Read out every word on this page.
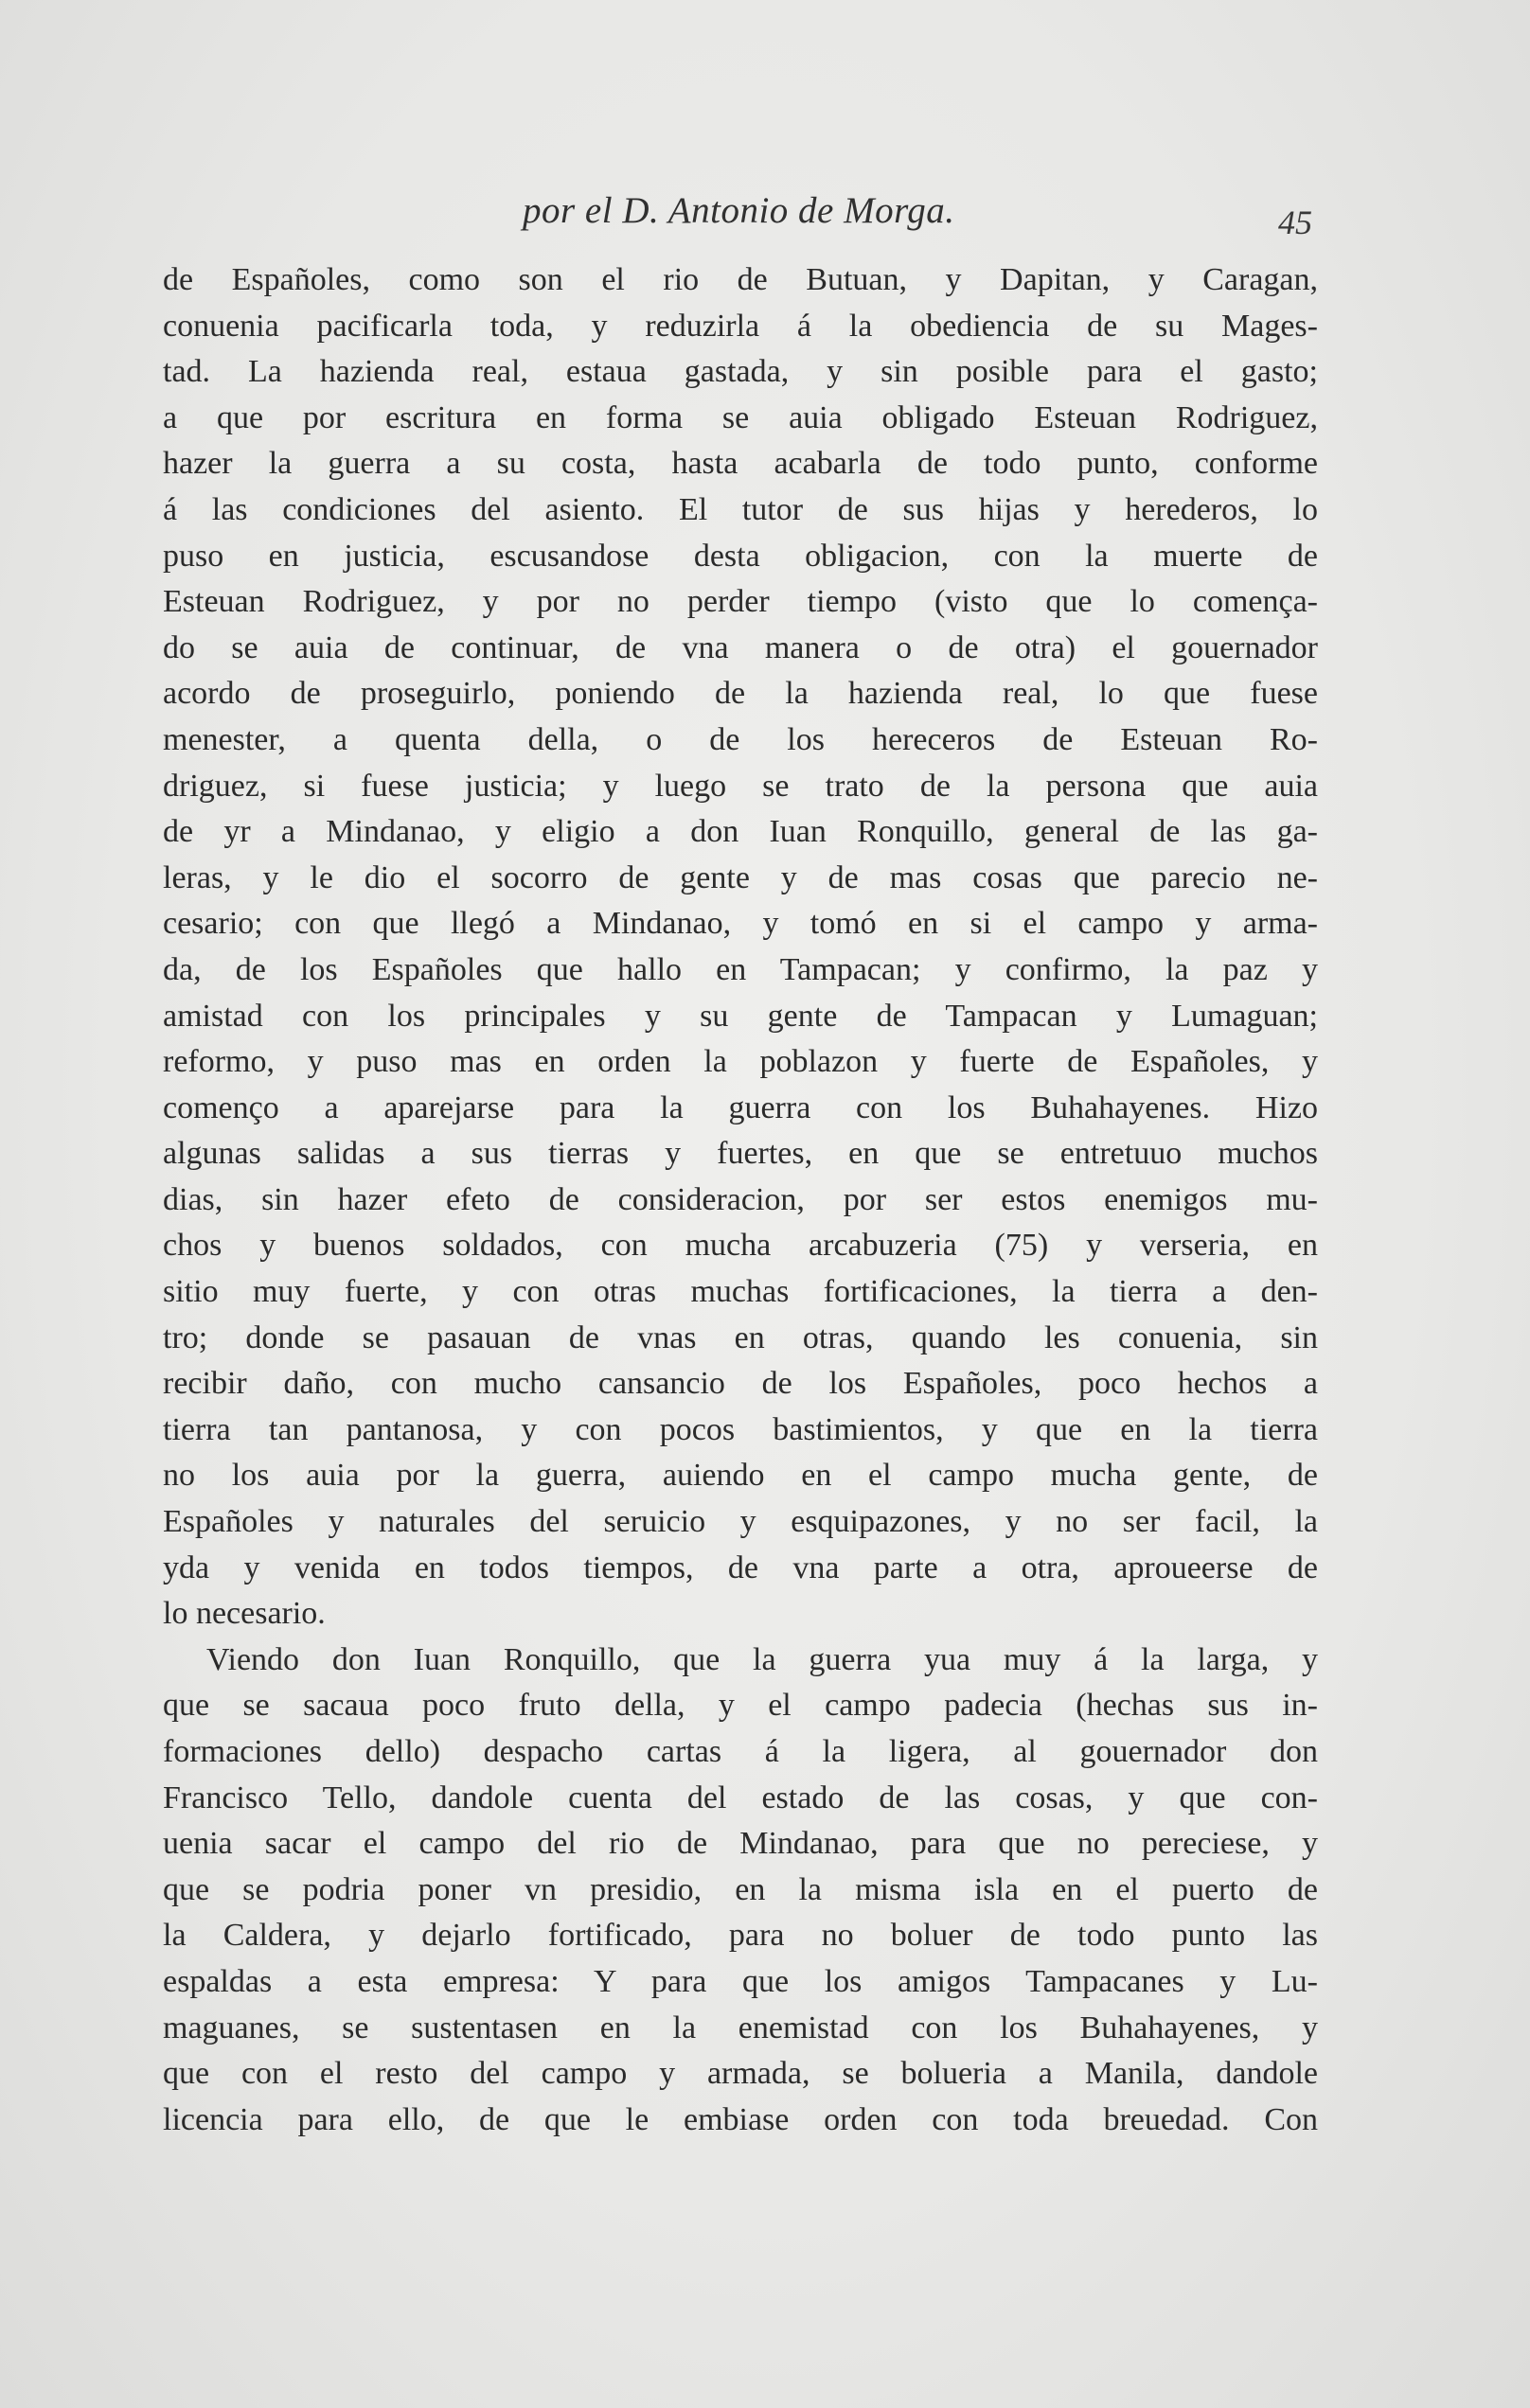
por el D. Antonio de Morga.	45
de Españoles, como son el rio de Butuan, y Dapitan, y Caragan,
conuenia pacificarla toda, y reduzirla á la obediencia de su Mages-
tad. La hazienda real, estaua gastada, y sin posible para el gasto;
a que por escritura en forma se auia obligado Esteuan Rodriguez,
hazer la guerra a su costa, hasta acabarla de todo punto, conforme
á las condiciones del asiento. El tutor de sus hijas y herederos, lo
puso en justicia, escusandose desta obligacion, con la muerte de
Esteuan Rodriguez, y por no perder tiempo (visto que lo comença-
do se auia de continuar, de vna manera o de otra) el gouernador
acordo de proseguirlo, poniendo de la hazienda real, lo que fuese
menester, a quenta della, o de los hereceros de Esteuan Ro-
driguez, si fuese justicia; y luego se trato de la persona que auia
de yr a Mindanao, y eligio a don Iuan Ronquillo, general de las ga-
leras, y le dio el socorro de gente y de mas cosas que parecio ne-
cesario; con que llegó a Mindanao, y tomó en si el campo y arma-
da, de los Españoles que hallo en Tampacan; y confirmo, la paz y
amistad con los principales y su gente de Tampacan y Lumaguan;
reformo, y puso mas en orden la poblazon y fuerte de Españoles, y
començo a aparejarse para la guerra con los Buhahayenes. Hizo
algunas salidas a sus tierras y fuertes, en que se entretuuo muchos
dias, sin hazer efeto de consideracion, por ser estos enemigos mu-
chos y buenos soldados, con mucha arcabuzeria (75) y verseria, en
sitio muy fuerte, y con otras muchas fortificaciones, la tierra a den-
tro; donde se pasauan de vnas en otras, quando les conuenia, sin
recibir daño, con mucho cansancio de los Españoles, poco hechos a
tierra tan pantanosa, y con pocos bastimientos, y que en la tierra
no los auia por la guerra, auiendo en el campo mucha gente, de
Españoles y naturales del seruicio y esquipazones, y no ser facil, la
yda y venida en todos tiempos, de vna parte a otra, aproueerse de
lo necesario.
Viendo don Iuan Ronquillo, que la guerra yua muy á la larga, y
que se sacaua poco fruto della, y el campo padecia (hechas sus in-
formaciones dello) despacho cartas á la ligera, al gouernador don
Francisco Tello, dandole cuenta del estado de las cosas, y que con-
uenia sacar el campo del rio de Mindanao, para que no pereciese, y
que se podria poner vn presidio, en la misma isla en el puerto de
la Caldera, y dejarlo fortificado, para no boluer de todo punto las
espaldas a esta empresa: Y para que los amigos Tampacanes y Lu-
maguanes, se sustentasen en la enemistad con los Buhahayenes, y
que con el resto del campo y armada, se bolueria a Manila, dandole
licencia para ello, de que le embiase orden con toda breuedad. Con
